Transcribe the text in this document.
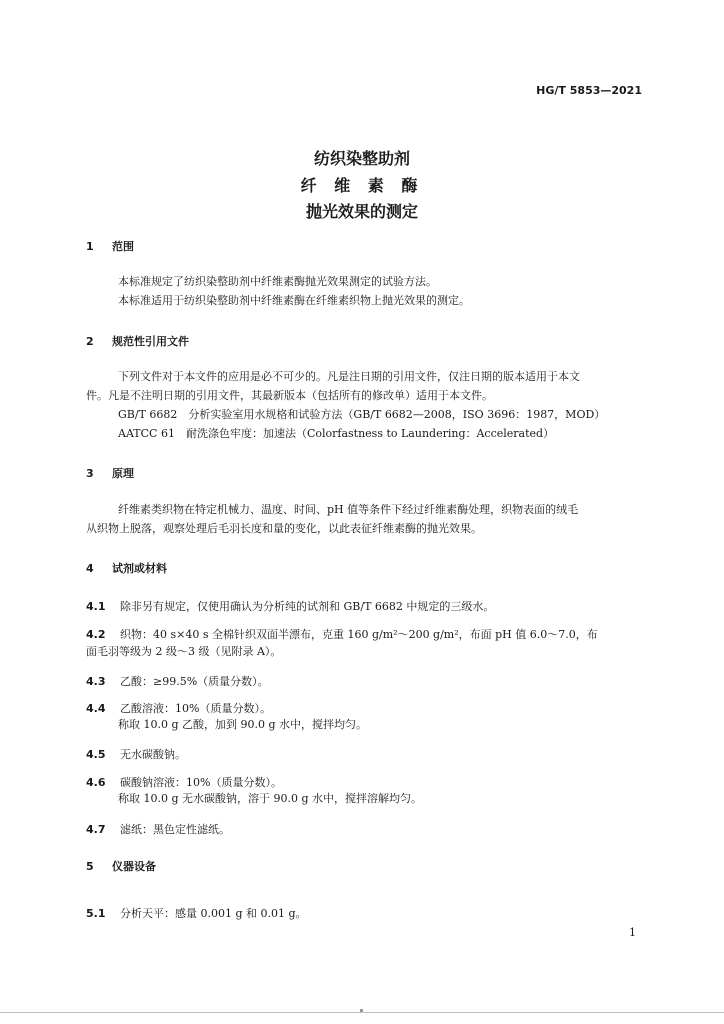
HG/T 5853—2021
纺织染整助剂
纤 维 素 酶
抛光效果的测定
1 范围
本标准规定了纺织染整助剂中纤维素酶抛光效果测定的试验方法。
本标准适用于纺织染整助剂中纤维素酶在纤维素织物上抛光效果的测定。
2 规范性引用文件
下列文件对于本文件的应用是必不可少的。凡是注日期的引用文件，仅注日期的版本适用于本文
件。凡是不注明日期的引用文件，其最新版本（包括所有的修改单）适用于本文件。
GB/T 6682　分析实验室用水规格和试验方法（GB/T 6682—2008，ISO 3696：1987，MOD）
AATCC 61　耐洗涤色牢度：加速法（Colorfastness to Laundering：Accelerated）
3 原理
纤维素类织物在特定机械力、温度、时间、pH 值等条件下经过纤维素酶处理，织物表面的绒毛
从织物上脱落，观察处理后毛羽长度和量的变化，以此表征纤维素酶的抛光效果。
4 试剂或材料
4.1 除非另有规定，仅使用确认为分析纯的试剂和 GB/T 6682 中规定的三级水。
4.2 织物：40 s×40 s 全棉针织双面半漂布，克重 160 g/m²～200 g/m²，布面 pH 值 6.0～7.0，布
面毛羽等级为 2 级～3 级（见附录 A）。
4.3 乙酸：≥99.5%（质量分数）。
4.4 乙酸溶液：10%（质量分数）。
称取 10.0 g 乙酸，加到 90.0 g 水中，搅拌均匀。
4.5 无水碳酸钠。
4.6 碳酸钠溶液：10%（质量分数）。
称取 10.0 g 无水碳酸钠，溶于 90.0 g 水中，搅拌溶解均匀。
4.7 滤纸：黑色定性滤纸。
5 仪器设备
5.1 分析天平：感量 0.001 g 和 0.01 g。
1
